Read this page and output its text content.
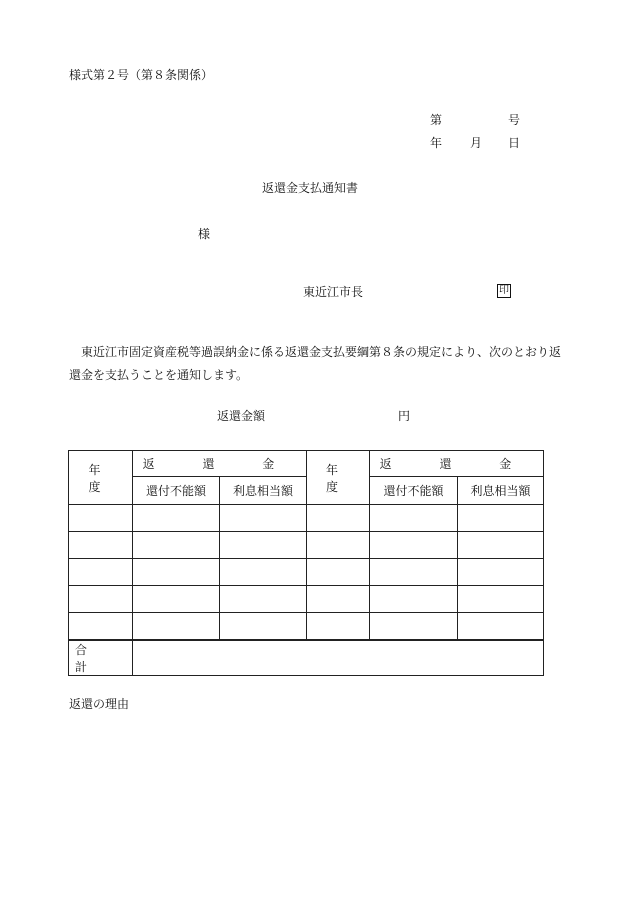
様式第２号（第８条関係）
第	号
年 月 日
返還金支払通知書
様
東近江市長	印
東近江市固定資産税等過誤納金に係る返還金支払要綱第８条の規定により、次のとおり返還金を支払うことを通知します。
返還金額	円
年 度	返 還 金		年 度	返 還 金	
	還付不能額	利息相当額		還付不能額	利息相当額

合 計					
返還の理由
